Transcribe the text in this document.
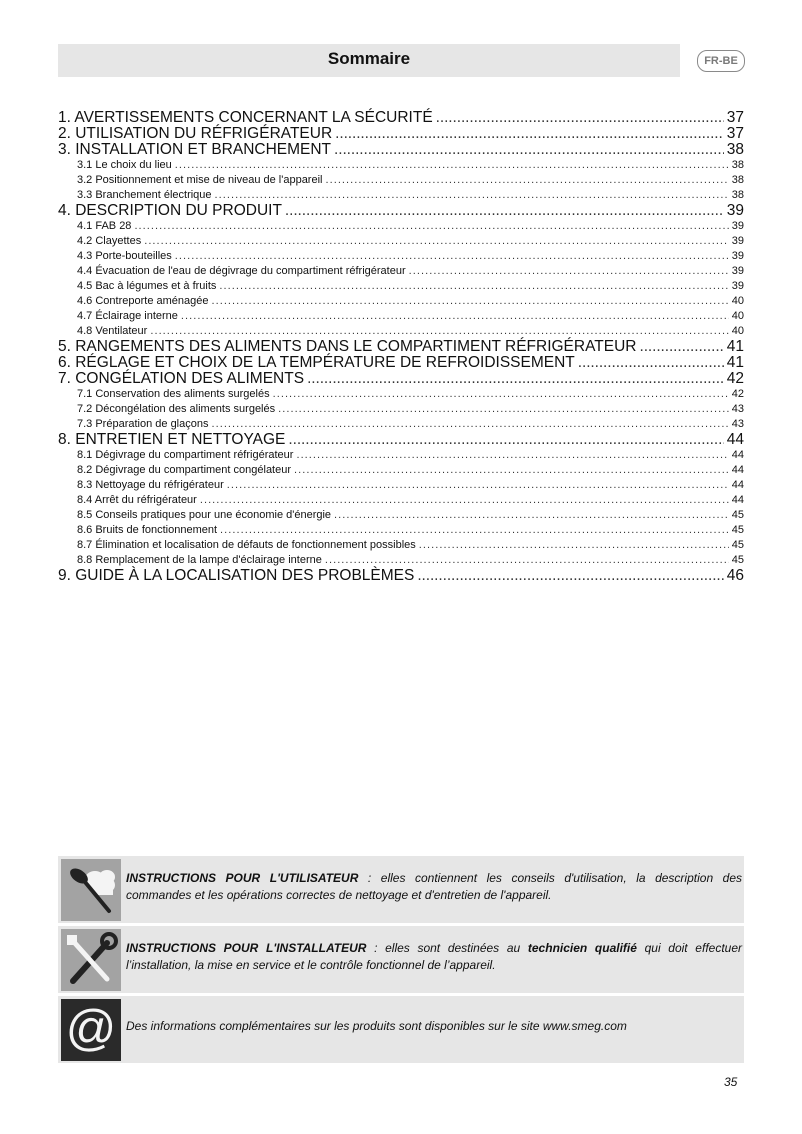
Sommaire	FR-BE
1. AVERTISSEMENTS CONCERNANT LA SÉCURITÉ . . .	37
2. UTILISATION DU RÉFRIGÉRATEUR . . .	37
3. INSTALLATION ET BRANCHEMENT . . .	38
3.1 Le choix du lieu . . .	38
3.2 Positionnement et mise de niveau de l'appareil . . .	38
3.3 Branchement électrique . . .	38
4. DESCRIPTION DU PRODUIT . . .	39
4.1 FAB 28 . . .	39
4.2 Clayettes . . .	39
4.3 Porte-bouteilles . . .	39
4.4 Évacuation de l'eau de dégivrage du compartiment réfrigérateur . . .	39
4.5 Bac à légumes et à fruits . . .	39
4.6 Contreporte aménagée . . .	40
4.7 Éclairage interne . . .	40
4.8 Ventilateur . . .	40
5. RANGEMENTS DES ALIMENTS DANS LE COMPARTIMENT RÉFRIGÉRATEUR . . .	41
6. RÉGLAGE ET CHOIX DE LA TEMPÉRATURE DE REFROIDISSEMENT . . .	41
7. CONGÉLATION DES ALIMENTS . . .	42
7.1 Conservation des aliments surgelés . . .	42
7.2 Décongélation des aliments surgelés . . .	43
7.3 Préparation de glaçons . . .	43
8. ENTRETIEN ET NETTOYAGE . . .	44
8.1 Dégivrage du compartiment réfrigérateur . . .	44
8.2 Dégivrage du compartiment congélateur . . .	44
8.3 Nettoyage du réfrigérateur . . .	44
8.4 Arrêt du réfrigérateur . . .	44
8.5 Conseils pratiques pour une économie d'énergie . . .	45
8.6 Bruits de fonctionnement . . .	45
8.7 Élimination et localisation de défauts de fonctionnement possibles . . .	45
8.8 Remplacement de la lampe d'éclairage interne . . .	45
9. GUIDE À LA LOCALISATION DES PROBLÈMES . . .	46
INSTRUCTIONS POUR L'UTILISATEUR : elles contiennent les conseils d'utilisation, la description des commandes et les opérations correctes de nettoyage et d'entretien de l'appareil.
INSTRUCTIONS POUR L'INSTALLATEUR : elles sont destinées au technicien qualifié qui doit effectuer l’installation, la mise en service et le contrôle fonctionnel de l’appareil.
@ Des informations complémentaires sur les produits sont disponibles sur le site www.smeg.com
35
